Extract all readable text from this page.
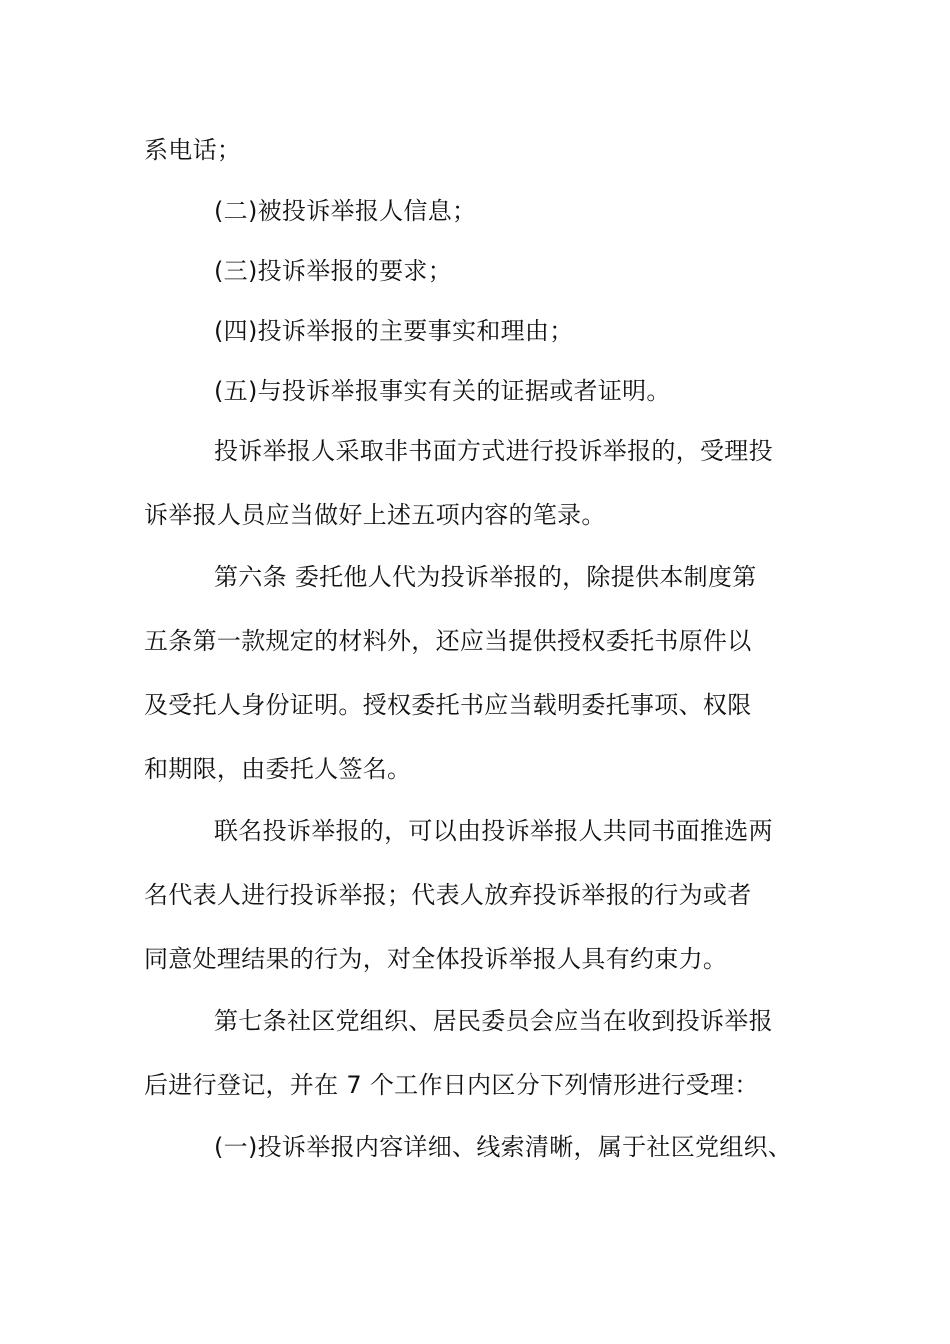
系电话；
(二)被投诉举报人信息；
(三)投诉举报的要求；
(四)投诉举报的主要事实和理由；
(五)与投诉举报事实有关的证据或者证明。
投诉举报人采取非书面方式进行投诉举报的，受理投
诉举报人员应当做好上述五项内容的笔录。
第六条 委托他人代为投诉举报的，除提供本制度第
五条第一款规定的材料外，还应当提供授权委托书原件以
及受托人身份证明。授权委托书应当载明委托事项、权限
和期限，由委托人签名。
联名投诉举报的，可以由投诉举报人共同书面推选两
名代表人进行投诉举报；代表人放弃投诉举报的行为或者
同意处理结果的行为，对全体投诉举报人具有约束力。
第七条社区党组织、居民委员会应当在收到投诉举报
后进行登记，并在 7 个工作日内区分下列情形进行受理：
(一)投诉举报内容详细、线索清晰，属于社区党组织、
